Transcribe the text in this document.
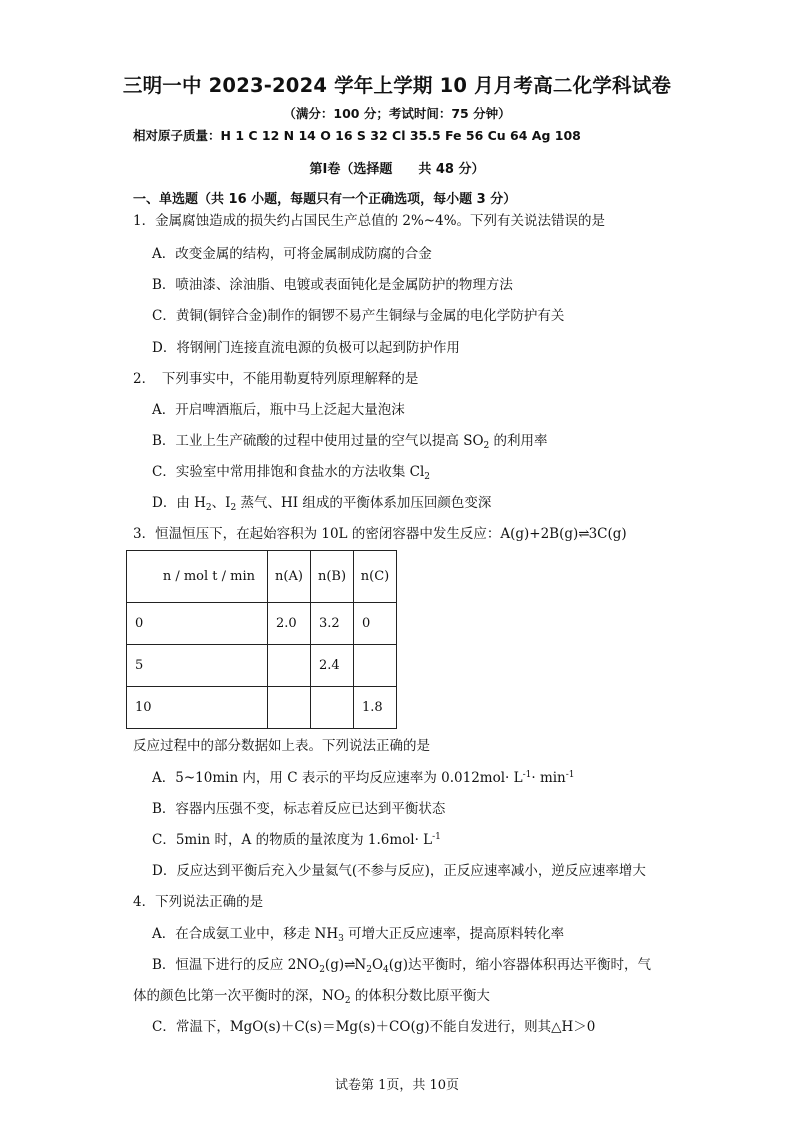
三明一中 2023-2024 学年上学期 10 月月考高二化学科试卷
（满分：100 分；考试时间：75 分钟）
相对原子质量：H 1 C 12 N 14 O 16 S 32 Cl 35.5 Fe 56 Cu 64 Ag 108
第Ⅰ卷（选择题　　共 48 分）
一、单选题（共 16 小题，每题只有一个正确选项，每小题 3 分）
1．金属腐蚀造成的损失约占国民生产总值的 2%~4%。下列有关说法错误的是
A．改变金属的结构，可将金属制成防腐的合金
B．喷油漆、涂油脂、电镀或表面钝化是金属防护的物理方法
C．黄铜(铜锌合金)制作的铜锣不易产生铜绿与金属的电化学防护有关
D．将钢闸门连接直流电源的负极可以起到防护作用
2．　下列事实中，不能用勒夏特列原理解释的是
A．开启啤酒瓶后，瓶中马上泛起大量泡沫
B．工业上生产硫酸的过程中使用过量的空气以提高 $SO_2$ 的利用率
C．实验室中常用排饱和食盐水的方法收集 $Cl_2$
D．由 $H_2$、$I_2$ 蒸气、HI 组成的平衡体系加压回颜色变深
3．恒温恒压下，在起始容积为 10L 的密闭容器中发生反应：A(g)+2B(g)⇌3C(g)
n / mol t / min	n(A)	n(B)	n(C)
0	2.0	3.2	0
5		2.4	
10			1.8
反应过程中的部分数据如上表。下列说法正确的是
A．5~10min 内，用 C 表示的平均反应速率为 $0.012mol\cdot L^{-1}\cdot \min^{-1}$
B．容器内压强不变，标志着反应已达到平衡状态
C．5min 时，A 的物质的量浓度为 $1.6mol\cdot L^{-1}$
D．反应达到平衡后充入少量氦气(不参与反应)，正反应速率减小，逆反应速率增大
4．下列说法正确的是
A．在合成氨工业中，移走 $NH_3$ 可增大正反应速率，提高原料转化率
B．恒温下进行的反应 $2NO_2(g)\rightleftharpoons N_2O_4(g)$达平衡时，缩小容器体积再达平衡时，气
体的颜色比第一次平衡时的深，$NO_2$ 的体积分数比原平衡大
C．常温下，MgO(s)＋C(s)＝Mg(s)＋CO(g)不能自发进行，则其△H＞0
试卷第 1页，共 10页
